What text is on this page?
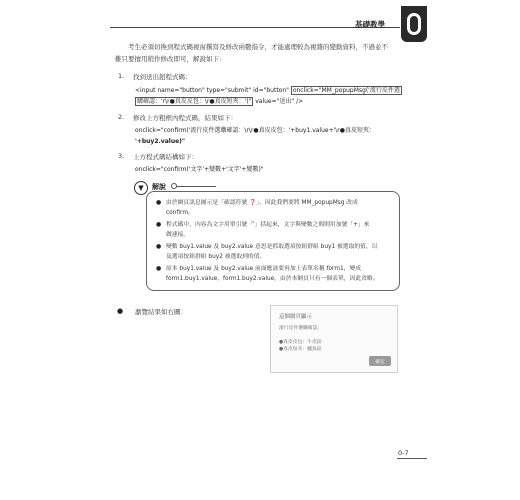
基礎教學
考生必須切換到程式碼視窗撰寫及修改函數指令，才能處理較為複雜的變動資料，不過並不
難只要擅用稍作修改即可，解說如下：
1. 找到送出鈕程式碼：
<input name="button" type="submit" id="button" onclick="MM_popupMsg('流行皮件選
購確認：'r\r●真皮皮包：\r●真皮短夾：')" value="送出" />
2. 修改上方粗框內程式碼，結果如下：
onclick="confirm('流行皮件選購確認：\r\r●真皮皮包：'+buy1.value+'\r●真皮短夾：
'+buy2.value)"
3. 上方程式碼結構如下：
onclick="confirm('文字'+變數+'文字'+變數)"
▼	解說
● 由於網頁訊息圖示是「確認符號 ❓」，因此我們要將 MM_popupMsg 改成
confirm。
● 程式碼中，內容為文字用單引號「'」括起來，文字與變數之間則用加號「+」來
做連接。
● 變數 buy1.value 及 buy2.value 意思是抓取選項按鈕群組 buy1 被選取的值，以
及選項按鈕群組 buy2 被選取到的值。
● 原本 buy1.value 及 buy2.value 前面應該要再加上表單名稱 form1，變成
form1.buy1.value、form1.buy2.value，由於本網頁只有一個表單，因此省略。
● 瀏覽結果如右圖：
這個網頁顯示
流行皮件選購確認：
●真皮皮包：牛皮紋
●真皮短夾：鱷魚紋
確定
0-7
